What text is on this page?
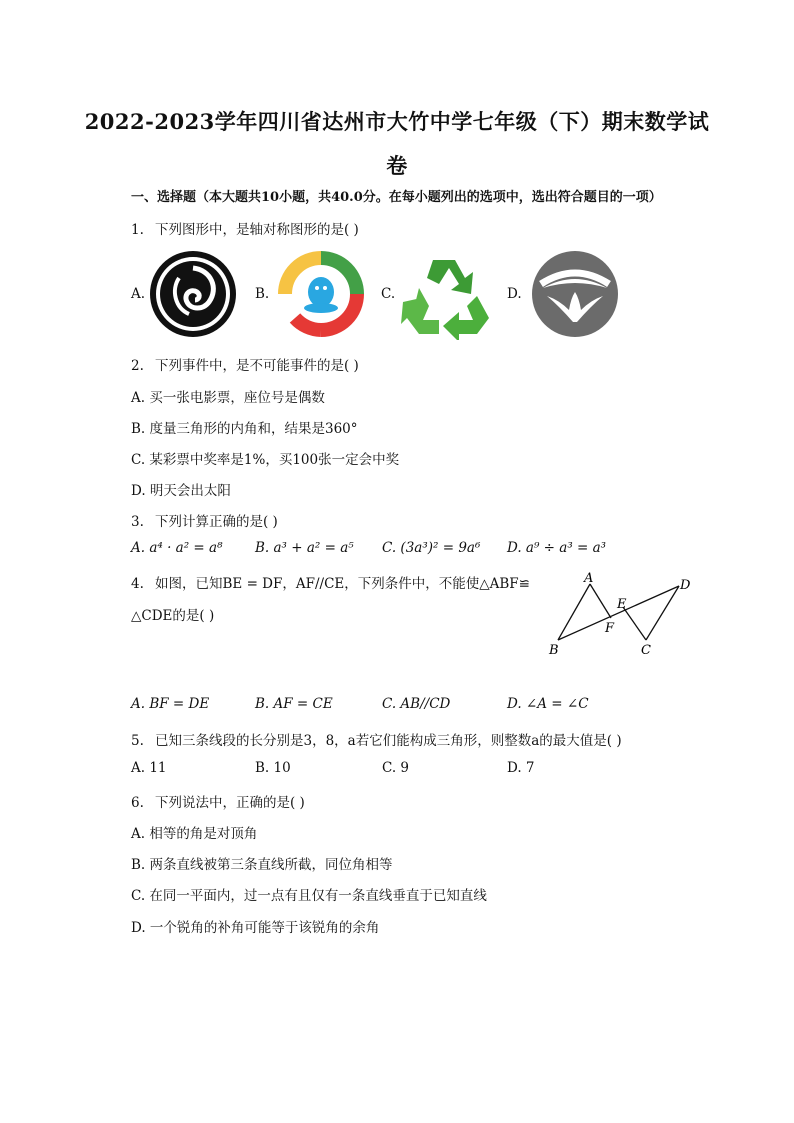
2022-2023学年四川省达州市大竹中学七年级（下）期末数学试
卷
一、选择题（本大题共10小题，共40.0分。在每小题列出的选项中，选出符合题目的一项）
1. 下列图形中，是轴对称图形的是( )
A.	B.	C.	D.
2. 下列事件中，是不可能事件的是( )
A. 买一张电影票，座位号是偶数
B. 度量三角形的内角和，结果是360°
C. 某彩票中奖率是1%，买100张一定会中奖
D. 明天会出太阳
3. 下列计算正确的是( )
A. a⁴ · a² = a⁸ B. a³ + a² = a⁵ C. (3a³)² = 9a⁶ D. a⁹ ÷ a³ = a³
4. 如图，已知BE = DF，AF//CE，下列条件中，不能使△ABF≌
△CDE的是( )
A
B	C
D
E
F
A. BF = DE	B. AF = CE	C. AB//CD	D. ∠A = ∠C
5. 已知三条线段的长分别是3，8，a若它们能构成三角形，则整数a的最大值是( )
A. 11	B. 10	C. 9	D. 7
6. 下列说法中，正确的是( )
A. 相等的角是对顶角
B. 两条直线被第三条直线所截，同位角相等
C. 在同一平面内，过一点有且仅有一条直线垂直于已知直线
D. 一个锐角的补角可能等于该锐角的余角
